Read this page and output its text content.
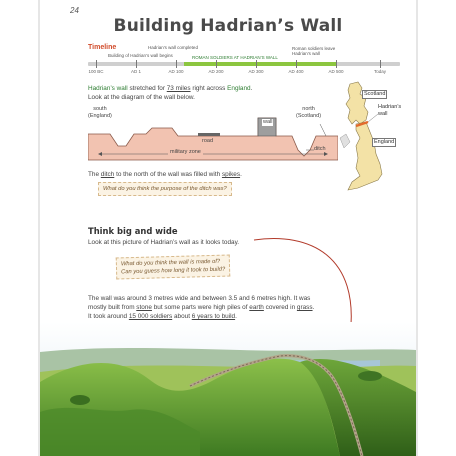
24
Building Hadrian’s Wall
Timeline	Hadrian’s wall completed
Building of Hadrian’s wall begins	ROMAN SOLDIERS AT HADRIAN’S WALL
Roman soldiers leave Hadrian’s wall
100 BC	AD 1	AD 100	AD 200	AD 300	AD 400	AD 500	Today
Hadrian’s wall stretched for 73 miles right across England.
Look at the diagram of the wall below.
south
(England)
north
(Scotland)
wall
road
military zone	ditch
Scotland
Hadrian’s
wall
England
The ditch to the north of the wall was filled with spikes.
What do you think the purpose of the ditch was?
Think big and wide
Look at this picture of Hadrian’s wall as it looks today.
What do you think the wall is made of?
Can you guess how long it took to build?
The wall was around 3 metres wide and between 3.5 and 6 metres high. It was
mostly built from stone but some parts were high piles of earth covered in grass.
It took around 15 000 soldiers about 6 years to build.
